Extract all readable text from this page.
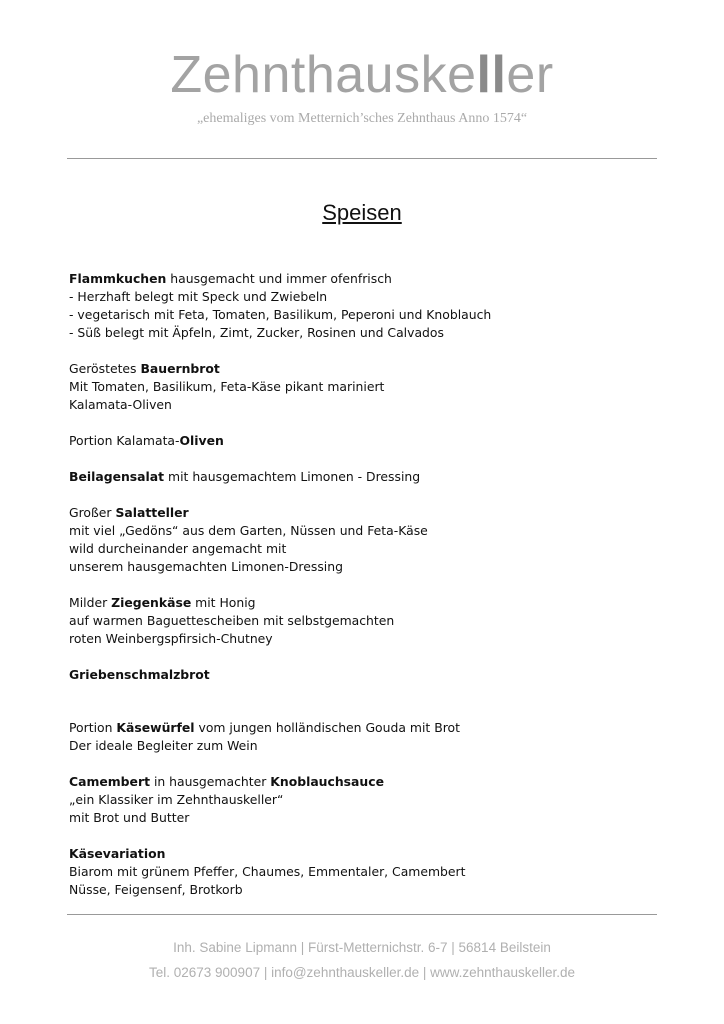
Zehnthauskeller
„ehemaliges vom Metternich’sches Zehnthaus Anno 1574“
Speisen
Flammkuchen hausgemacht und immer ofenfrisch
- Herzhaft belegt mit Speck und Zwiebeln
- vegetarisch mit Feta, Tomaten, Basilikum, Peperoni und Knoblauch
- Süß belegt mit Äpfeln, Zimt, Zucker, Rosinen und Calvados
Geröstetes Bauernbrot
Mit Tomaten, Basilikum, Feta-Käse pikant mariniert
Kalamata-Oliven
Portion Kalamata-Oliven
Beilagensalat mit hausgemachtem Limonen - Dressing
Großer Salatteller
mit viel „Gedöns“ aus dem Garten, Nüssen und Feta-Käse
wild durcheinander angemacht mit
unserem hausgemachten Limonen-Dressing
Milder Ziegenkäse mit Honig
auf warmen Baguettescheiben mit selbstgemachten
roten Weinbergspfirsich-Chutney
Griebenschmalzbrot
Portion Käsewürfel vom jungen holländischen Gouda mit Brot
Der ideale Begleiter zum Wein
Camembert in hausgemachter Knoblauchsauce
„ein Klassiker im Zehnthauskeller“
mit Brot und Butter
Käsevariation
Biarom mit grünem Pfeffer, Chaumes, Emmentaler, Camembert
Nüsse, Feigensenf, Brotkorb
Inh. Sabine Lipmann | Fürst-Metternichstr. 6-7 | 56814 Beilstein
Tel. 02673 900907 | info@zehnthauskeller.de | www.zehnthauskeller.de
